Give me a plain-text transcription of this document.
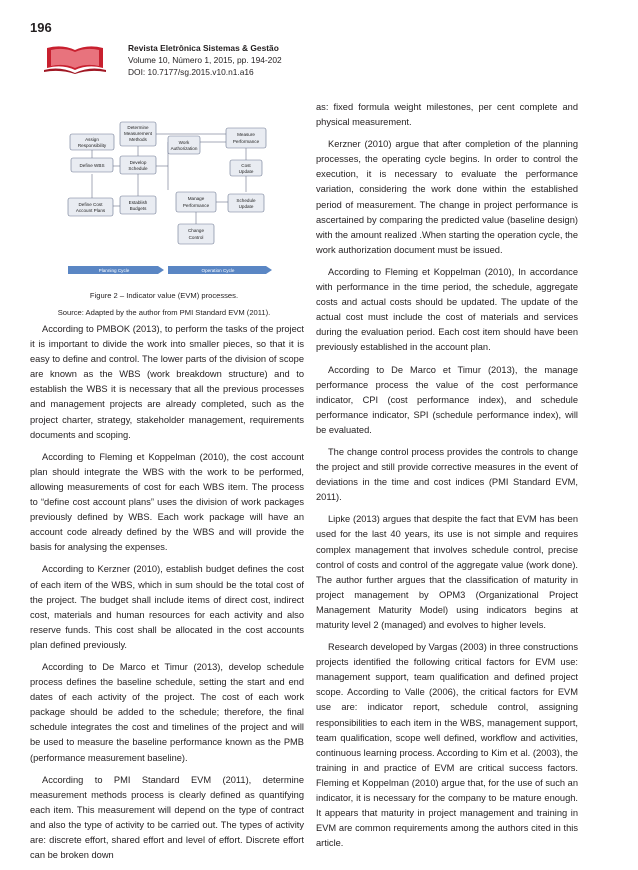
196
Revista Eletrônica Sistemas & Gestão
Volume 10, Número 1, 2015, pp. 194-202
DOI: 10.7177/sg.2015.v10.n1.a16
Determine
Measurement
Methods
Assign
Responsibility
Define WBS
Develop
Schedule
Work
Authorization
Measure
Performance
Cost
Update
Define Cost
Account Plans
Establish
Budgets
Manage
Performance
Schedule
Update
Change
Control
Planning Cycle	Operation Cycle
Figure 2 – Indicator value (EVM) processes.
Source: Adapted by the author from PMI Standard EVM (2011).

According to PMBOK (2013), to perform the tasks of the project it is important to divide the work into smaller pieces, so that it is easy to define and control. The lower parts of the division of scope are known as the WBS (work breakdown structure) and to establish the WBS it is necessary that all the previous processes and management projects are already completed, such as the project charter, strategy, stakeholder management, requirements documents and scoping.

According to Fleming et Koppelman (2010), the cost account plan should integrate the WBS with the work to be performed, allowing measurements of cost for each WBS item. The process to “define cost account plans” uses the division of work packages previously defined by WBS. Each work package will have an account code already defined by the WBS and will provide the basis for analysing the expenses.

According to Kerzner (2010), establish budget defines the cost of each item of the WBS, which in sum should be the total cost of the project. The budget shall include items of direct cost, indirect cost, materials and human resources for each activity and also reserve funds. This cost shall be allocated in the cost accounts plan defined previously.

According to De Marco et Timur (2013), develop schedule process defines the baseline schedule, setting the start and end dates of each activity of the project. The cost of each work package should be added to the schedule; therefore, the final schedule integrates the cost and timelines of the project and will be used to measure the baseline performance known as the PMB (performance measurement baseline).

According to PMI Standard EVM (2011), determine measurement methods process is clearly defined as quantifying each item. This measurement will depend on the type of contract and also the type of activity to be carried out. The types of activity are: discrete effort, shared effort and level of effort. Discrete effort can be broken down

as: fixed formula weight milestones, per cent complete and physical measurement.

Kerzner (2010) argue that after completion of the planning processes, the operating cycle begins. In order to control the execution, it is necessary to evaluate the performance variation, considering the work done within the established period of measurement. The change in project performance is ascertained by comparing the predicted value (baseline design) with the amount realized .When starting the operation cycle, the work authorization document must be issued.

According to Fleming et Koppelman (2010), In accordance with performance in the time period, the schedule, aggregate costs and actual costs should be updated. The update of the actual cost must include the cost of materials and services during the evaluation period. Each cost item should have been previously established in the account plan.

According to De Marco et Timur (2013), the manage performance process the value of the cost performance indicator, CPI (cost performance index), and schedule performance indicator, SPI (schedule performance index), will be evaluated.

The change control process provides the controls to change the project and still provide corrective measures in the event of deviations in the time and cost indices (PMI Standard EVM, 2011).

Lipke (2013) argues that despite the fact that EVM has been used for the last 40 years, its use is not simple and requires complex management that involves schedule control, precise control of costs and control of the aggregate value (work done). The author further argues that the classification of maturity in project management by OPM3 (Organizational Project Management Maturity Model) using indicators begins at maturity level 2 (managed) and evolves to higher levels.

Research developed by Vargas (2003) in three constructions projects identified the following critical factors for EVM use: management support, team qualification and defined project scope. According to Valle (2006), the critical factors for EVM use are: indicator report, schedule control, assigning responsibilities to each item in the WBS, management support, team qualification, scope well defined, workflow and activities, continuous learning process. According to Kim et al. (2003), the training in and practice of EVM are critical success factors. Fleming et Koppelman (2010) argue that, for the use of such an indicator, it is necessary for the company to be mature enough. It appears that maturity in project management and training in EVM are common requirements among the authors cited in this article.
